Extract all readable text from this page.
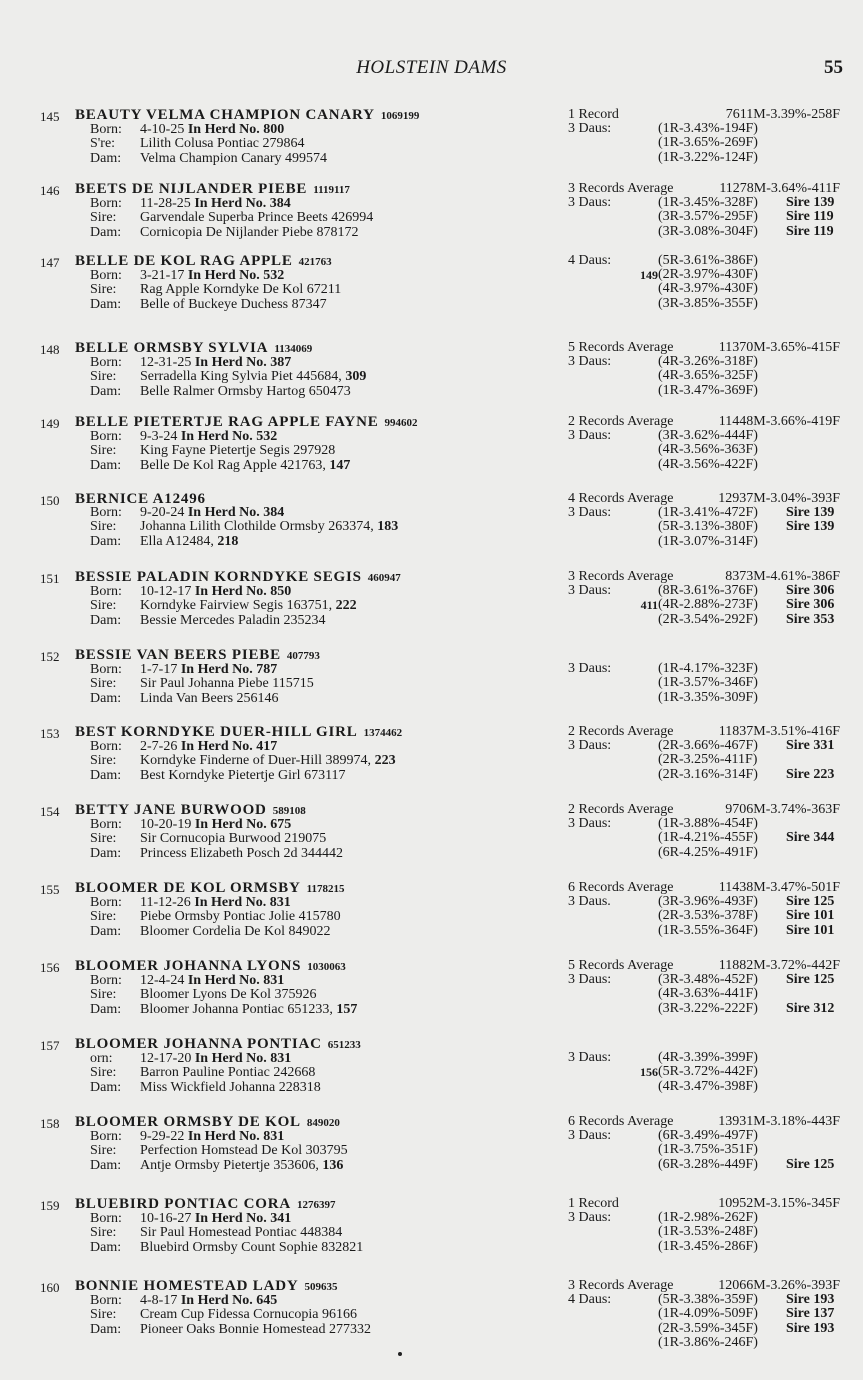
HOLSTEIN DAMS	55
145 BEAUTY VELMA CHAMPION CANARY 1069199
Born: 4-10-25 In Herd No. 800
S're: Lilith Colusa Pontiac 279864
Dam: Velma Champion Canary 499574
1 Record	7611M-3.39%-258F
3 Daus:	(1R-3.43%-194F)
(1R-3.65%-269F)
(1R-3.22%-124F)
146 BEETS DE NIJLANDER PIEBE 1119117
Born: 11-28-25 In Herd No. 384
Sire: Garvendale Superba Prince Beets 426994
Dam: Cornicopia De Nijlander Piebe 878172
3 Records Average	11278M-3.64%-411F
3 Daus:	(1R-3.45%-328F) Sire 139
(3R-3.57%-295F) Sire 119
(3R-3.08%-304F) Sire 119
147 BELLE DE KOL RAG APPLE 421763
Born: 3-21-17 In Herd No. 532
Sire: Rag Apple Korndyke De Kol 67211
Dam: Belle of Buckeye Duchess 87347
4 Daus:	(5R-3.61%-386F)
149 (2R-3.97%-430F)
(4R-3.97%-430F)
(3R-3.85%-355F)
148 BELLE ORMSBY SYLVIA 1134069
Born: 12-31-25 In Herd No. 387
Sire: Serradella King Sylvia Piet 445684, 309
Dam: Belle Ralmer Ormsby Hartog 650473
5 Records Average	11370M-3.65%-415F
3 Daus:	(4R-3.26%-318F)
(4R-3.65%-325F)
(1R-3.47%-369F)
149 BELLE PIETERTJE RAG APPLE FAYNE 994602
Born: 9-3-24 In Herd No. 532
Sire: King Fayne Pietertje Segis 297928
Dam: Belle De Kol Rag Apple 421763, 147
2 Records Average	11448M-3.66%-419F
3 Daus:	(3R-3.62%-444F)
(4R-3.56%-363F)
(4R-3.56%-422F)
150 BERNICE A12496
Born: 9-20-24 In Herd No. 384
Sire: Johanna Lilith Clothilde Ormsby 263374, 183
Dam: Ella A12484, 218
4 Records Average	12937M-3.04%-393F
3 Daus:	(1R-3.41%-472F) Sire 139
(5R-3.13%-380F) Sire 139
(1R-3.07%-314F)
151 BESSIE PALADIN KORNDYKE SEGIS 460947
Born: 10-12-17 In Herd No. 850
Sire: Korndyke Fairview Segis 163751, 222
Dam: Bessie Mercedes Paladin 235234
3 Records Average	8373M-4.61%-386F
3 Daus:	(8R-3.61%-376F) Sire 306
411 (4R-2.88%-273F) Sire 306
(2R-3.54%-292F) Sire 353
152 BESSIE VAN BEERS PIEBE 407793
Born: 1-7-17 In Herd No. 787
Sire: Sir Paul Johanna Piebe 115715
Dam: Linda Van Beers 256146
3 Daus:	(1R-4.17%-323F)
(1R-3.57%-346F)
(1R-3.35%-309F)
153 BEST KORNDYKE DUER-HILL GIRL 1374462
Born: 2-7-26 In Herd No. 417
Sire: Korndyke Finderne of Duer-Hill 389974, 223
Dam: Best Korndyke Pietertje Girl 673117
2 Records Average	11837M-3.51%-416F
3 Daus:	(2R-3.66%-467F) Sire 331
(2R-3.25%-411F)
(2R-3.16%-314F) Sire 223
154 BETTY JANE BURWOOD 589108
Born: 10-20-19 In Herd No. 675
Sire: Sir Cornucopia Burwood 219075
Dam: Princess Elizabeth Posch 2d 344442
2 Records Average	9706M-3.74%-363F
3 Daus:	(1R-3.88%-454F)
(1R-4.21%-455F) Sire 344
(6R-4.25%-491F)
155 BLOOMER DE KOL ORMSBY 1178215
Born: 11-12-26 In Herd No. 831
Sire: Piebe Ormsby Pontiac Jolie 415780
Dam: Bloomer Cordelia De Kol 849022
6 Records Average	11438M-3.47%-501F
3 Daus.	(3R-3.96%-493F) Sire 125
(2R-3.53%-378F) Sire 101
(1R-3.55%-364F) Sire 101
156 BLOOMER JOHANNA LYONS 1030063
Born: 12-4-24 In Herd No. 831
Sire: Bloomer Lyons De Kol 375926
Dam: Bloomer Johanna Pontiac 651233, 157
5 Records Average	11882M-3.72%-442F
3 Daus:	(3R-3.48%-452F) Sire 125
(4R-3.63%-441F)
(3R-3.22%-222F) Sire 312
157 BLOOMER JOHANNA PONTIAC 651233
orn: 12-17-20 In Herd No. 831
Sire: Barron Pauline Pontiac 242668
Dam: Miss Wickfield Johanna 228318
3 Daus:	(4R-3.39%-399F)
156 (5R-3.72%-442F)
(4R-3.47%-398F)
158 BLOOMER ORMSBY DE KOL 849020
Born: 9-29-22 In Herd No. 831
Sire: Perfection Homstead De Kol 303795
Dam: Antje Ormsby Pietertje 353606, 136
6 Records Average	13931M-3.18%-443F
3 Daus:	(6R-3.49%-497F)
(1R-3.75%-351F)
(6R-3.28%-449F) Sire 125
159 BLUEBIRD PONTIAC CORA 1276397
Born: 10-16-27 In Herd No. 341
Sire: Sir Paul Homestead Pontiac 448384
Dam: Bluebird Ormsby Count Sophie 832821
1 Record	10952M-3.15%-345F
3 Daus:	(1R-2.98%-262F)
(1R-3.53%-248F)
(1R-3.45%-286F)
160 BONNIE HOMESTEAD LADY 509635
Born: 4-8-17 In Herd No. 645
Sire: Cream Cup Fidessa Cornucopia 96166
Dam: Pioneer Oaks Bonnie Homestead 277332
3 Records Average	12066M-3.26%-393F
4 Daus:	(5R-3.38%-359F) Sire 193
(1R-4.09%-509F) Sire 137
(2R-3.59%-345F) Sire 193
(1R-3.86%-246F)
